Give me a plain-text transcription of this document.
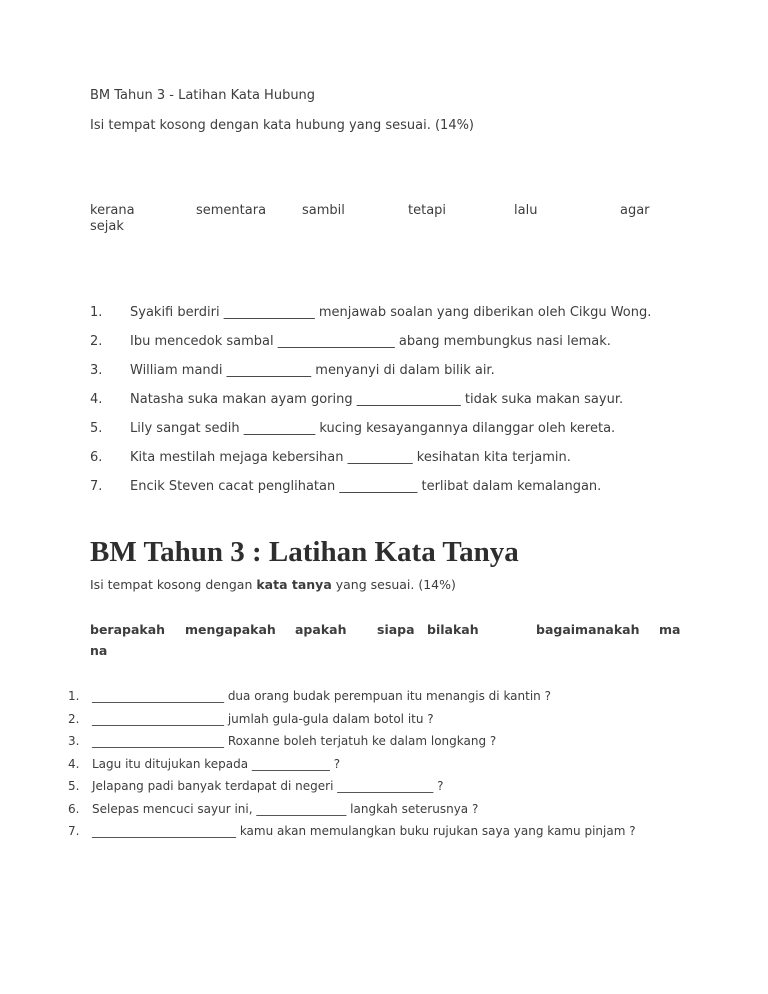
BM Tahun 3 - Latihan Kata Hubung

Isi tempat kosong dengan kata hubung yang sesuai. (14%)

kerana	sementara	sambil	tetapi	lalu	agar
sejak

1. Syakifi berdiri ______________ menjawab soalan yang diberikan oleh Cikgu Wong.

2. Ibu mencedok sambal __________________ abang membungkus nasi lemak.

3. William mandi _____________ menyanyi di dalam bilik air.

4. Natasha suka makan ayam goring ________________ tidak suka makan sayur.

5. Lily sangat sedih ___________ kucing kesayangannya dilanggar oleh kereta.

6. Kita mestilah mejaga kebersihan __________ kesihatan kita terjamin.

7. Encik Steven cacat penglihatan ____________ terlibat dalam kemalangan.

BM Tahun 3 : Latihan Kata Tanya

Isi tempat kosong dengan kata tanya yang sesuai. (14%)

berapakah mengapakah apakah siapa bilakah	bagaimanakah ma
na
1.	______________________ dua orang budak perempuan itu menangis di kantin ?
2.	______________________ jumlah gula-gula dalam botol itu ?
3.	______________________ Roxanne boleh terjatuh ke dalam longkang ?
4.	Lagu itu ditujukan kepada _____________ ?
5.	Jelapang padi banyak terdapat di negeri ________________ ?
6.	Selepas mencuci sayur ini, _______________ langkah seterusnya ?
7.	________________________ kamu akan memulangkan buku rujukan saya yang kamu pinjam ?
